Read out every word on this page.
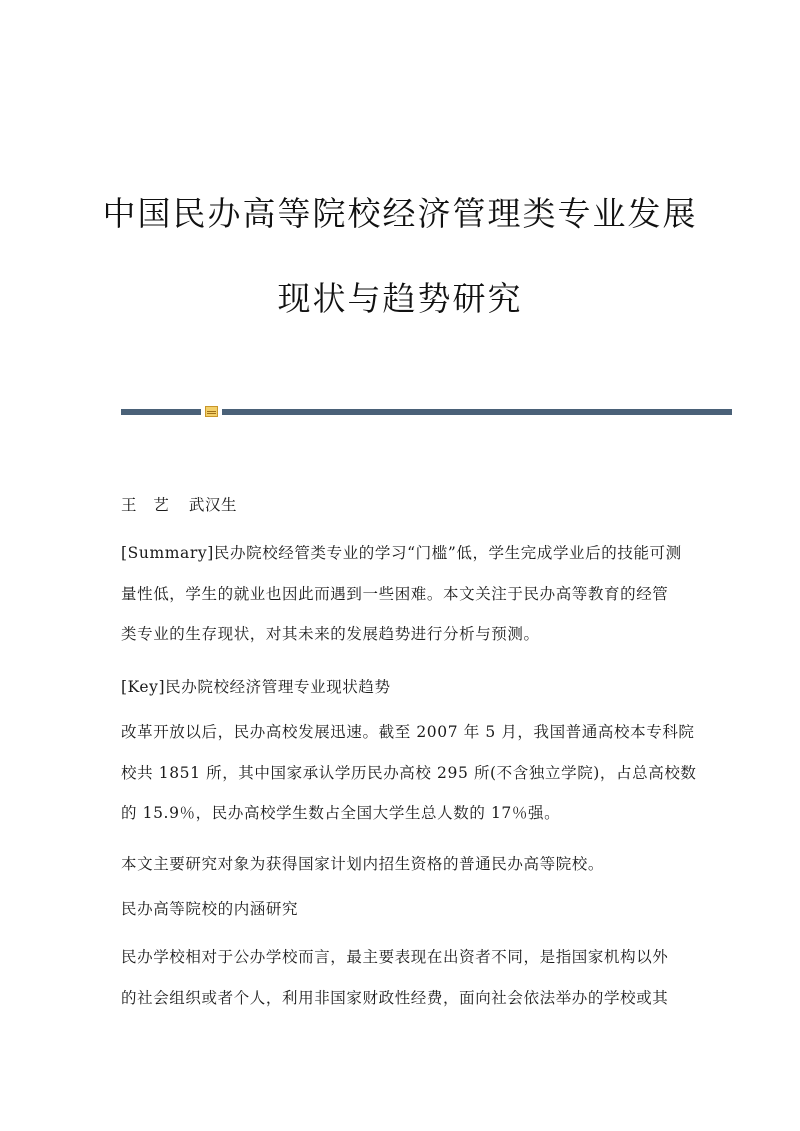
中国民办高等院校经济管理类专业发展
现状与趋势研究
王　艺 武汉生
[Summary]民办院校经管类专业的学习“门槛”低，学生完成学业后的技能可测
量性低，学生的就业也因此而遇到一些困难。本文关注于民办高等教育的经管
类专业的生存现状，对其未来的发展趋势进行分析与预测。
[Key]民办院校经济管理专业现状趋势
改革开放以后，民办高校发展迅速。截至 2007 年 5 月，我国普通高校本专科院
校共 1851 所，其中国家承认学历民办高校 295 所(不含独立学院)，占总高校数
的 15.9％，民办高校学生数占全国大学生总人数的 17％强。
本文主要研究对象为获得国家计划内招生资格的普通民办高等院校。
民办高等院校的内涵研究
民办学校相对于公办学校而言，最主要表现在出资者不同，是指国家机构以外
的社会组织或者个人，利用非国家财政性经费，面向社会依法举办的学校或其
